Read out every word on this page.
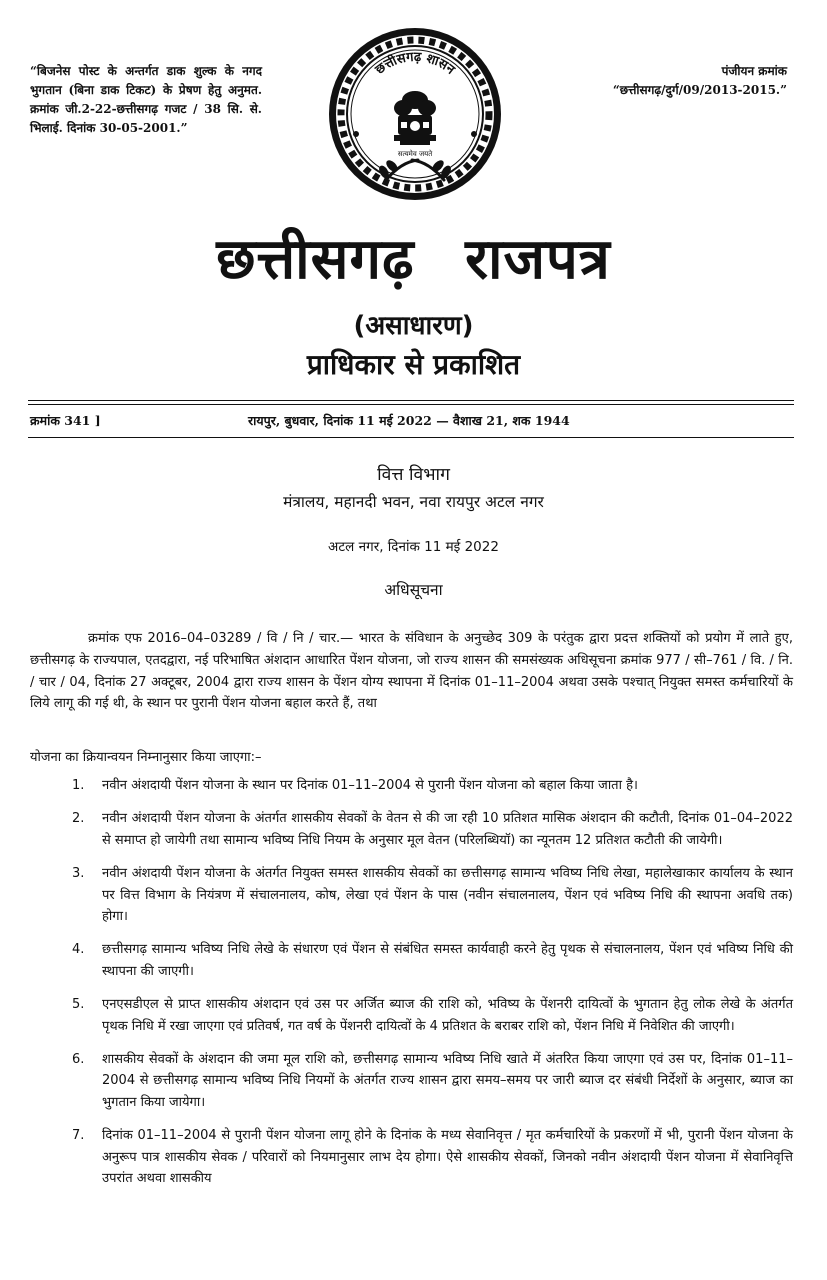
“बिजनेस पोस्ट के अन्तर्गत डाक शुल्क के नगद भुगतान (बिना डाक टिकट) के प्रेषण हेतु अनुमत. क्रमांक जी.2-22-छत्तीसगढ़ गजट / 38 सि. से. भिलाई. दिनांक 30-05-2001.”
पंजीयन क्रमांक
“छत्तीसगढ़/दुर्ग/09/2013-2015.”
छत्तीसगढ़ शासन
सत्यमेव जयते
छत्तीसगढ़ राजपत्र
(असाधारण)
प्राधिकार से प्रकाशित
क्रमांक 341 ]	रायपुर, बुधवार, दिनांक 11 मई 2022 — वैशाख 21, शक 1944
वित्त विभाग
मंत्रालय, महानदी भवन, नवा रायपुर अटल नगर
अटल नगर, दिनांक 11 मई 2022
अधिसूचना
क्रमांक एफ 2016–04–03289 / वि / नि / चार.— भारत के संविधान के अनुच्छेद 309 के परंतुक द्वारा प्रदत्त शक्तियों को प्रयोग में लाते हुए, छत्तीसगढ़ के राज्यपाल, एतदद्वारा, नई परिभाषित अंशदान आधारित पेंशन योजना, जो राज्य शासन की समसंख्यक अधिसूचना क्रमांक 977 / सी–761 / वि. / नि. / चार / 04, दिनांक 27 अक्टूबर, 2004 द्वारा राज्य शासन के पेंशन योग्य स्थापना में दिनांक 01–11–2004 अथवा उसके पश्चात् नियुक्त समस्त कर्मचारियों के लिये लागू की गई थी, के स्थान पर पुरानी पेंशन योजना बहाल करते हैं, तथा
योजना का क्रियान्वयन निम्नानुसार किया जाएगा:–
1. नवीन अंशदायी पेंशन योजना के स्थान पर दिनांक 01–11–2004 से पुरानी पेंशन योजना को बहाल किया जाता है।
2. नवीन अंशदायी पेंशन योजना के अंतर्गत शासकीय सेवकों के वेतन से की जा रही 10 प्रतिशत मासिक अंशदान की कटौती, दिनांक 01–04–2022 से समाप्त हो जायेगी तथा सामान्य भविष्य निधि नियम के अनुसार मूल वेतन (परिलब्धियॉ) का न्यूनतम 12 प्रतिशत कटौती की जायेगी।
3. नवीन अंशदायी पेंशन योजना के अंतर्गत नियुक्त समस्त शासकीय सेवकों का छत्तीसगढ़ सामान्य भविष्य निधि लेखा, महालेखाकार कार्यालय के स्थान पर वित्त विभाग के नियंत्रण में संचालनालय, कोष, लेखा एवं पेंशन के पास (नवीन संचालनालय, पेंशन एवं भविष्य निधि की स्थापना अवधि तक) होगा।
4. छत्तीसगढ़ सामान्य भविष्य निधि लेखे के संधारण एवं पेंशन से संबंधित समस्त कार्यवाही करने हेतु पृथक से संचालनालय, पेंशन एवं भविष्य निधि की स्थापना की जाएगी।
5. एनएसडीएल से प्राप्त शासकीय अंशदान एवं उस पर अर्जित ब्याज की राशि को, भविष्य के पेंशनरी दायित्वों के भुगतान हेतु लोक लेखे के अंतर्गत पृथक निधि में रखा जाएगा एवं प्रतिवर्ष, गत वर्ष के पेंशनरी दायित्वों के 4 प्रतिशत के बराबर राशि को, पेंशन निधि में निवेशित की जाएगी।
6. शासकीय सेवकों के अंशदान की जमा मूल राशि को, छत्तीसगढ़ सामान्य भविष्य निधि खाते में अंतरित किया जाएगा एवं उस पर, दिनांक 01–11–2004 से छत्तीसगढ़ सामान्य भविष्य निधि नियमों के अंतर्गत राज्य शासन द्वारा समय–समय पर जारी ब्याज दर संबंधी निर्देशों के अनुसार, ब्याज का भुगतान किया जायेगा।
7. दिनांक 01–11–2004 से पुरानी पेंशन योजना लागू होने के दिनांक के मध्य सेवानिवृत्त / मृत कर्मचारियों के प्रकरणों में भी, पुरानी पेंशन योजना के अनुरूप पात्र शासकीय सेवक / परिवारों को नियमानुसार लाभ देय होगा। ऐसे शासकीय सेवकों, जिनको नवीन अंशदायी पेंशन योजना में सेवानिवृत्ति उपरांत अथवा शासकीय
